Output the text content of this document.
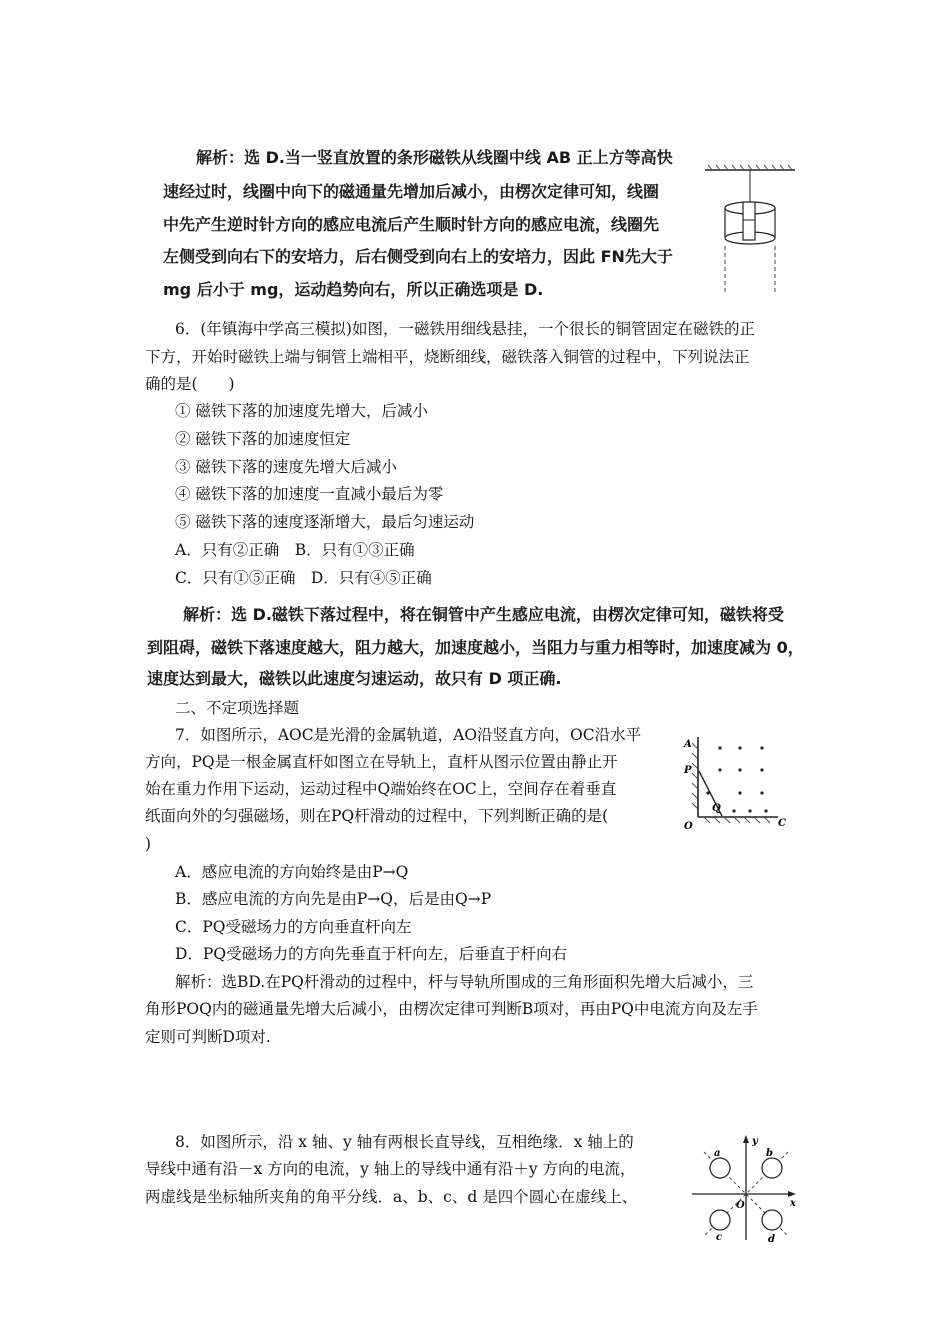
解析：选 D.当一竖直放置的条形磁铁从线圈中线 AB 正上方等高快
速经过时，线圈中向下的磁通量先增加后减小，由楞次定律可知，线圈
中先产生逆时针方向的感应电流后产生顺时针方向的感应电流，线圈先
左侧受到向右下的安培力，后右侧受到向右上的安培力，因此 FN先大于
mg 后小于 mg，运动趋势向右，所以正确选项是 D.
6．(年镇海中学高三模拟)如图，一磁铁用细线悬挂，一个很长的铜管固定在磁铁的正
下方，开始时磁铁上端与铜管上端相平，烧断细线，磁铁落入铜管的过程中，下列说法正
确的是(　　)
① 磁铁下落的加速度先增大，后减小
② 磁铁下落的加速度恒定
③ 磁铁下落的速度先增大后减小
④ 磁铁下落的加速度一直减小最后为零
⑤ 磁铁下落的速度逐渐增大，最后匀速运动
A．只有②正确　B．只有①③正确
C．只有①⑤正确　D．只有④⑤正确
解析：选 D.磁铁下落过程中，将在铜管中产生感应电流，由楞次定律可知，磁铁将受
到阻碍，磁铁下落速度越大，阻力越大，加速度越小，当阻力与重力相等时，加速度减为 0，
速度达到最大，磁铁以此速度匀速运动，故只有 D 项正确.
二、不定项选择题
7．如图所示，AOC是光滑的金属轨道，AO沿竖直方向，OC沿水平
方向，PQ是一根金属直杆如图立在导轨上，直杆从图示位置由静止开
始在重力作用下运动，运动过程中Q端始终在OC上，空间存在着垂直
纸面向外的匀强磁场，则在PQ杆滑动的过程中，下列判断正确的是(
)
A．感应电流的方向始终是由P→Q
B．感应电流的方向先是由P→Q，后是由Q→P
C．PQ受磁场力的方向垂直杆向左
D．PQ受磁场力的方向先垂直于杆向左，后垂直于杆向右
解析：选BD.在PQ杆滑动的过程中，杆与导轨所围成的三角形面积先增大后减小，三
角形POQ内的磁通量先增大后减小，由楞次定律可判断B项对，再由PQ中电流方向及左手
定则可判断D项对.
A
P
Q
O	C
8．如图所示，沿 x 轴、y 轴有两根长直导线，互相绝缘．x 轴上的
导线中通有沿－x 方向的电流，y 轴上的导线中通有沿＋y 方向的电流，
两虚线是坐标轴所夹角的角平分线．a、b、c、d 是四个圆心在虚线上、
y
x
O
a	b
c	d
